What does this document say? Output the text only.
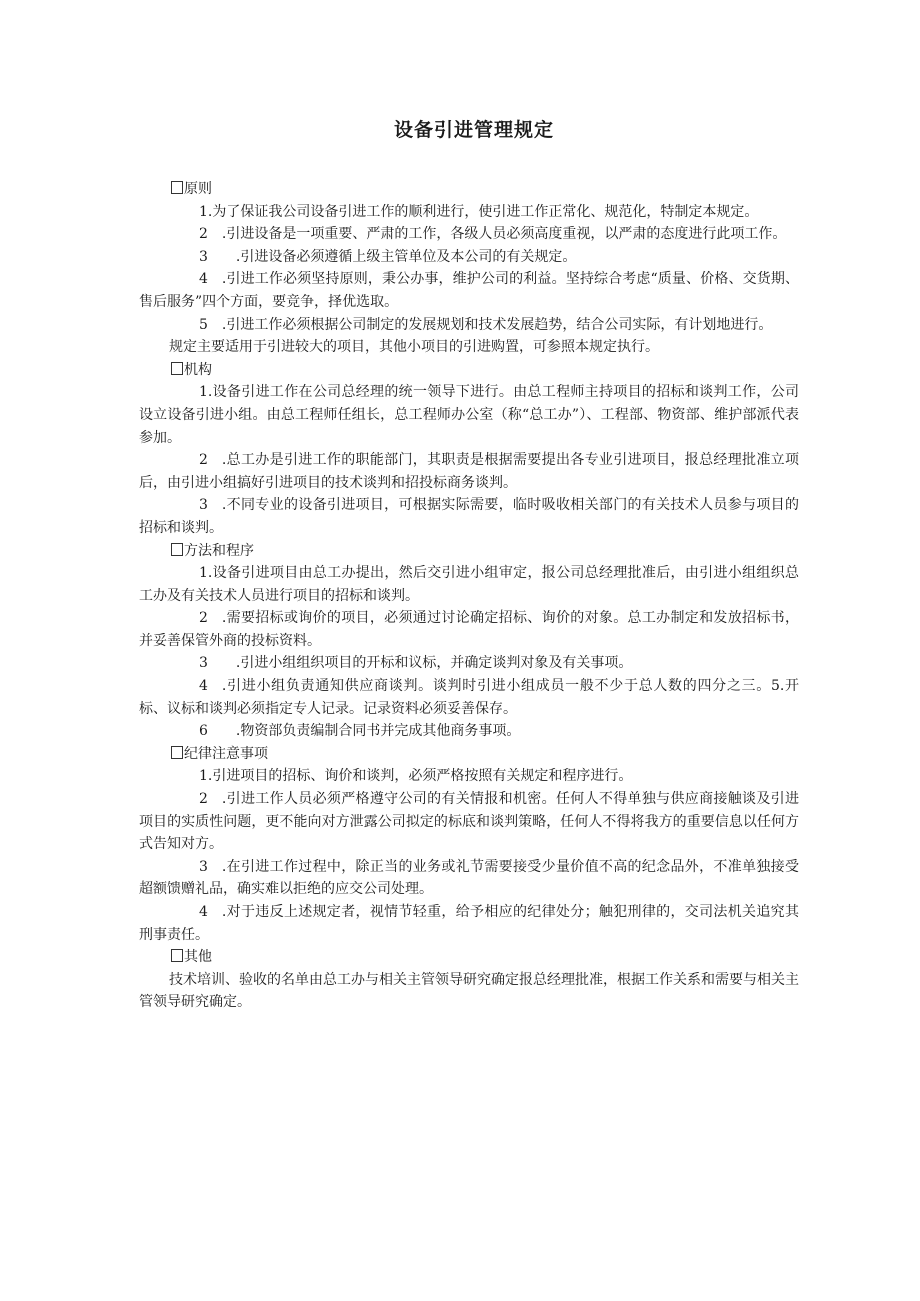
设备引进管理规定
原则

1.为了保证我公司设备引进工作的顺利进行，使引进工作正常化、规范化，特制定本规定。

2　.引进设备是一项重要、严肃的工作，各级人员必须高度重视，以严肃的态度进行此项工作。

3　　.引进设备必须遵循上级主管单位及本公司的有关规定。

4　.引进工作必须坚持原则，秉公办事，维护公司的利益。坚持综合考虑“质量、价格、交货期、售后服务”四个方面，要竞争，择优选取。

5　.引进工作必须根据公司制定的发展规划和技术发展趋势，结合公司实际，有计划地进行。

规定主要适用于引进较大的项目，其他小项目的引进购置，可参照本规定执行。

机构

1.设备引进工作在公司总经理的统一领导下进行。由总工程师主持项目的招标和谈判工作，公司设立设备引进小组。由总工程师任组长，总工程师办公室（称“总工办”）、工程部、物资部、维护部派代表参加。

2　.总工办是引进工作的职能部门，其职责是根据需要提出各专业引进项目，报总经理批准立项后，由引进小组搞好引进项目的技术谈判和招投标商务谈判。

3　.不同专业的设备引进项目，可根据实际需要，临时吸收相关部门的有关技术人员参与项目的招标和谈判。

方法和程序

1.设备引进项目由总工办提出，然后交引进小组审定，报公司总经理批准后，由引进小组组织总工办及有关技术人员进行项目的招标和谈判。

2　.需要招标或询价的项目，必须通过讨论确定招标、询价的对象。总工办制定和发放招标书，并妥善保管外商的投标资料。

3　　.引进小组组织项目的开标和议标，并确定谈判对象及有关事项。

4　.引进小组负责通知供应商谈判。谈判时引进小组成员一般不少于总人数的四分之三。5.开标、议标和谈判必须指定专人记录。记录资料必须妥善保存。

6　　.物资部负责编制合同书并完成其他商务事项。

纪律注意事项

1.引进项目的招标、询价和谈判，必须严格按照有关规定和程序进行。

2　.引进工作人员必须严格遵守公司的有关情报和机密。任何人不得单独与供应商接触谈及引进项目的实质性问题，更不能向对方泄露公司拟定的标底和谈判策略，任何人不得将我方的重要信息以任何方式告知对方。

3　.在引进工作过程中，除正当的业务或礼节需要接受少量价值不高的纪念品外，不准单独接受超额馈赠礼品，确实难以拒绝的应交公司处理。

4　.对于违反上述规定者，视情节轻重，给予相应的纪律处分；触犯刑律的，交司法机关追究其刑事责任。

其他

技术培训、验收的名单由总工办与相关主管领导研究确定报总经理批准，根据工作关系和需要与相关主管领导研究确定。
